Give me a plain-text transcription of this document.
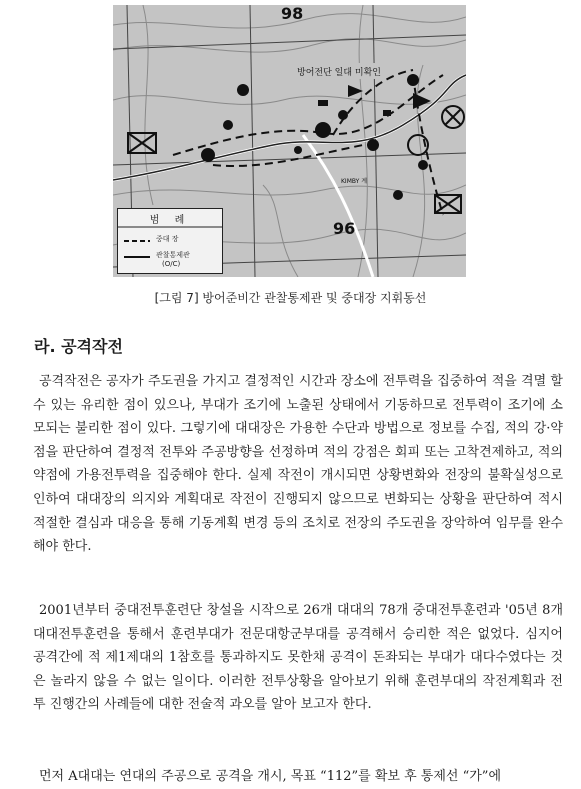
방어전단 일대 미확인
98
96
KIMBY 계
범 례
중대 장
관찰통제관
(O/C)
[그림 7] 방어준비간 관찰통제관 및 중대장 지휘동선
라. 공격작전

공격작전은 공자가 주도권을 가지고 결정적인 시간과 장소에 전투력을 집중하여 적을 격멸 할 수 있는 유리한 점이 있으나, 부대가 조기에 노출된 상태에서 기동하므로 전투력이 조기에 소모되는 불리한 점이 있다. 그렇기에 대대장은 가용한 수단과 방법으로 정보를 수집, 적의 강·약점을 판단하여 결정적 전투와 주공방향을 선정하며 적의 강점은 회피 또는 고착견제하고, 적의 약점에 가용전투력을 집중해야 한다. 실제 작전이 개시되면 상황변화와 전장의 불확실성으로 인하여 대대장의 의지와 계획대로 작전이 진행되지 않으므로 변화되는 상황을 판단하여 적시적절한 결심과 대응을 통해 기동계획 변경 등의 조치로 전장의 주도권을 장악하여 임무를 완수해야 한다.

2001년부터 중대전투훈련단 창설을 시작으로 26개 대대의 78개 중대전투훈련과 '05년 8개 대대전투훈련을 통해서 훈련부대가 전문대항군부대를 공격해서 승리한 적은 없었다. 심지어 공격간에 적 제1제대의 1참호를 통과하지도 못한채 공격이 돈좌되는 부대가 대다수였다는 것은 놀라지 않을 수 없는 일이다. 이러한 전투상황을 알아보기 위해 훈련부대의 작전계획과 전투 진행간의 사례들에 대한 전술적 과오를 알아 보고자 한다.

먼저 A대대는 연대의 주공으로 공격을 개시, 목표 “112”를 확보 후 통제선 “가”에
